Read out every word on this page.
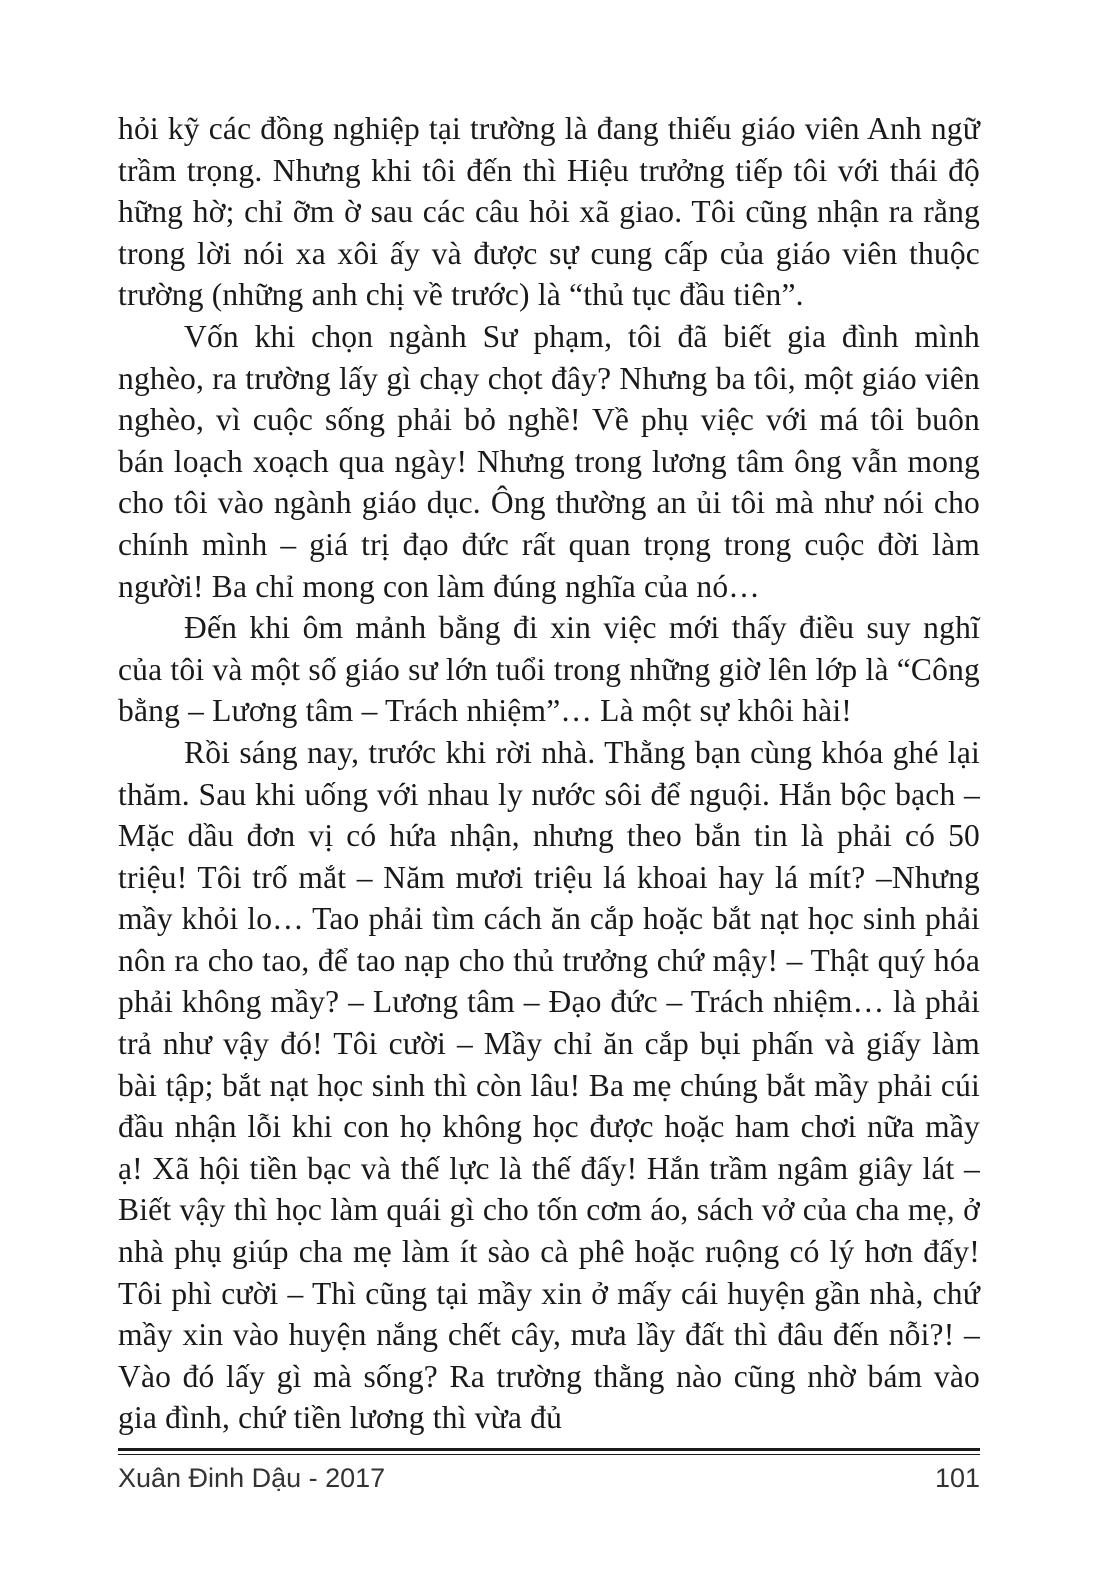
hỏi kỹ các đồng nghiệp tại trường là đang thiếu giáo viên Anh ngữ trầm trọng. Nhưng khi tôi đến thì Hiệu trưởng tiếp tôi với thái độ hững hờ; chỉ ỡm ờ sau các câu hỏi xã giao. Tôi cũng nhận ra rằng trong lời nói xa xôi ấy và được sự cung cấp của giáo viên thuộc trường (những anh chị về trước) là “thủ tục đầu tiên”.

Vốn khi chọn ngành Sư phạm, tôi đã biết gia đình mình nghèo, ra trường lấy gì chạy chọt đây? Nhưng ba tôi, một giáo viên nghèo, vì cuộc sống phải bỏ nghề! Về phụ việc với má tôi buôn bán loạch xoạch qua ngày! Nhưng trong lương tâm ông vẫn mong cho tôi vào ngành giáo dục. Ông thường an ủi tôi mà như nói cho chính mình – giá trị đạo đức rất quan trọng trong cuộc đời làm người! Ba chỉ mong con làm đúng nghĩa của nó…

Đến khi ôm mảnh bằng đi xin việc mới thấy điều suy nghĩ của tôi và một số giáo sư lớn tuổi trong những giờ lên lớp là “Công bằng – Lương tâm – Trách nhiệm”… Là một sự khôi hài!

Rồi sáng nay, trước khi rời nhà. Thằng bạn cùng khóa ghé lại thăm. Sau khi uống với nhau ly nước sôi để nguội. Hắn bộc bạch – Mặc dầu đơn vị có hứa nhận, nhưng theo bắn tin là phải có 50 triệu! Tôi trố mắt – Năm mươi triệu lá khoai hay lá mít? –Nhưng mầy khỏi lo… Tao phải tìm cách ăn cắp hoặc bắt nạt học sinh phải nôn ra cho tao, để tao nạp cho thủ trưởng chứ mậy! – Thật quý hóa phải không mầy? – Lương tâm – Đạo đức – Trách nhiệm… là phải trả như vậy đó! Tôi cười – Mầy chỉ ăn cắp bụi phấn và giấy làm bài tập; bắt nạt học sinh thì còn lâu! Ba mẹ chúng bắt mầy phải cúi đầu nhận lỗi khi con họ không học được hoặc ham chơi nữa mầy ạ! Xã hội tiền bạc và thế lực là thế đấy! Hắn trầm ngâm giây lát – Biết vậy thì học làm quái gì cho tốn cơm áo, sách vở của cha mẹ, ở nhà phụ giúp cha mẹ làm ít sào cà phê hoặc ruộng có lý hơn đấy! Tôi phì cười – Thì cũng tại mầy xin ở mấy cái huyện gần nhà, chứ mầy xin vào huyện nắng chết cây, mưa lầy đất thì đâu đến nỗi?! – Vào đó lấy gì mà sống? Ra trường thằng nào cũng nhờ bám vào gia đình, chứ tiền lương thì vừa đủ

Xuân Đinh Dậu - 2017	101
